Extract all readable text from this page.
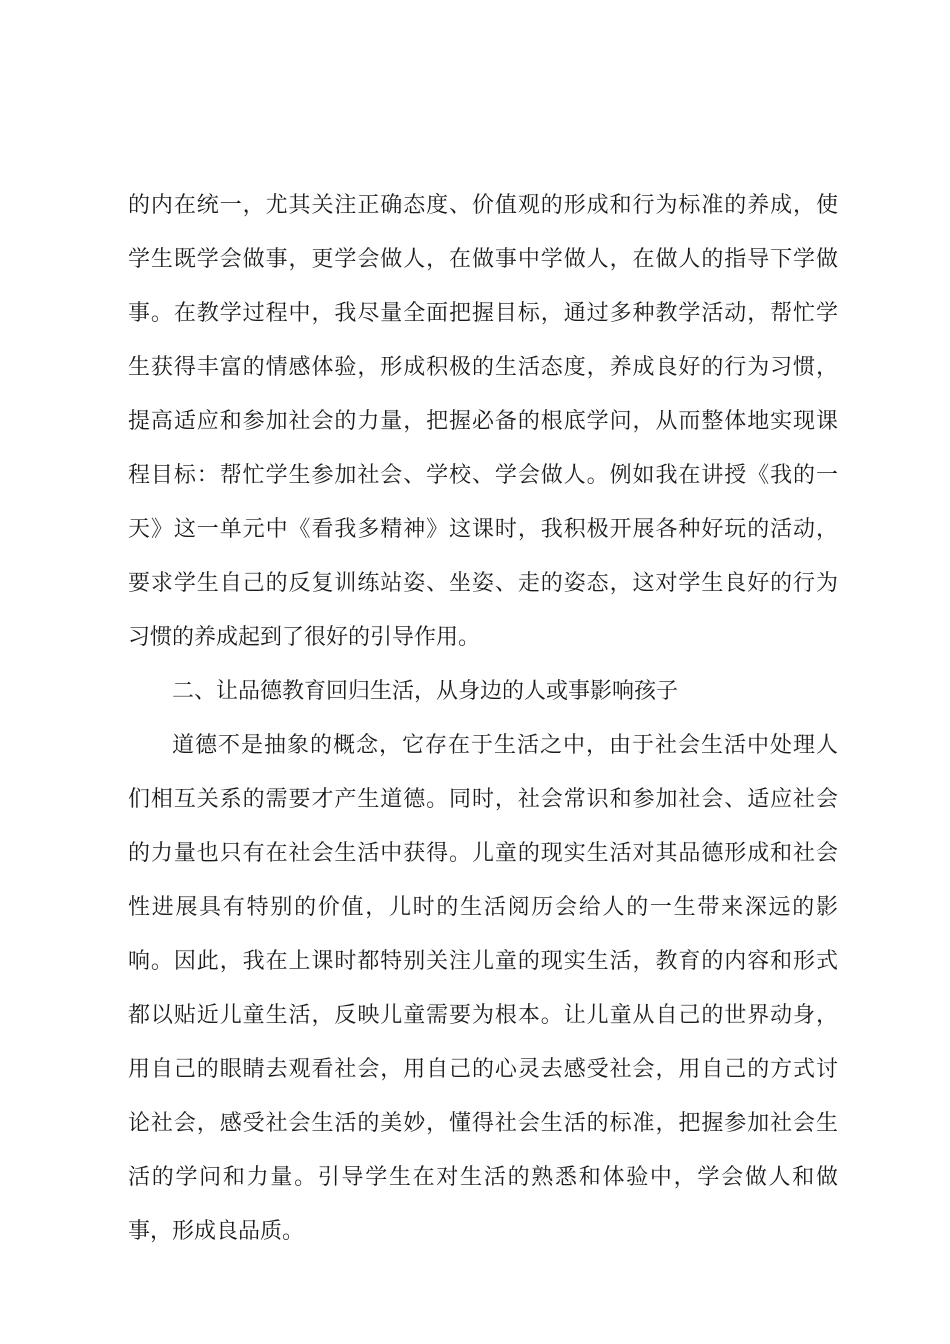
的内在统一，尤其关注正确态度、价值观的形成和行为标准的养成，使
学生既学会做事，更学会做人，在做事中学做人，在做人的指导下学做
事。在教学过程中，我尽量全面把握目标，通过多种教学活动，帮忙学
生获得丰富的情感体验，形成积极的生活态度，养成良好的行为习惯，
提高适应和参加社会的力量，把握必备的根底学问，从而整体地实现课
程目标：帮忙学生参加社会、学校、学会做人。例如我在讲授《我的一
天》这一单元中《看我多精神》这课时，我积极开展各种好玩的活动，
要求学生自己的反复训练站姿、坐姿、走的姿态，这对学生良好的行为
习惯的养成起到了很好的引导作用。
二、让品德教育回归生活，从身边的人或事影响孩子
道德不是抽象的概念，它存在于生活之中，由于社会生活中处理人
们相互关系的需要才产生道德。同时，社会常识和参加社会、适应社会
的力量也只有在社会生活中获得。儿童的现实生活对其品德形成和社会
性进展具有特别的价值，儿时的生活阅历会给人的一生带来深远的影
响。因此，我在上课时都特别关注儿童的现实生活，教育的内容和形式
都以贴近儿童生活，反映儿童需要为根本。让儿童从自己的世界动身，
用自己的眼睛去观看社会，用自己的心灵去感受社会，用自己的方式讨
论社会，感受社会生活的美妙，懂得社会生活的标准，把握参加社会生
活的学问和力量。引导学生在对生活的熟悉和体验中，学会做人和做
事，形成良品质。
